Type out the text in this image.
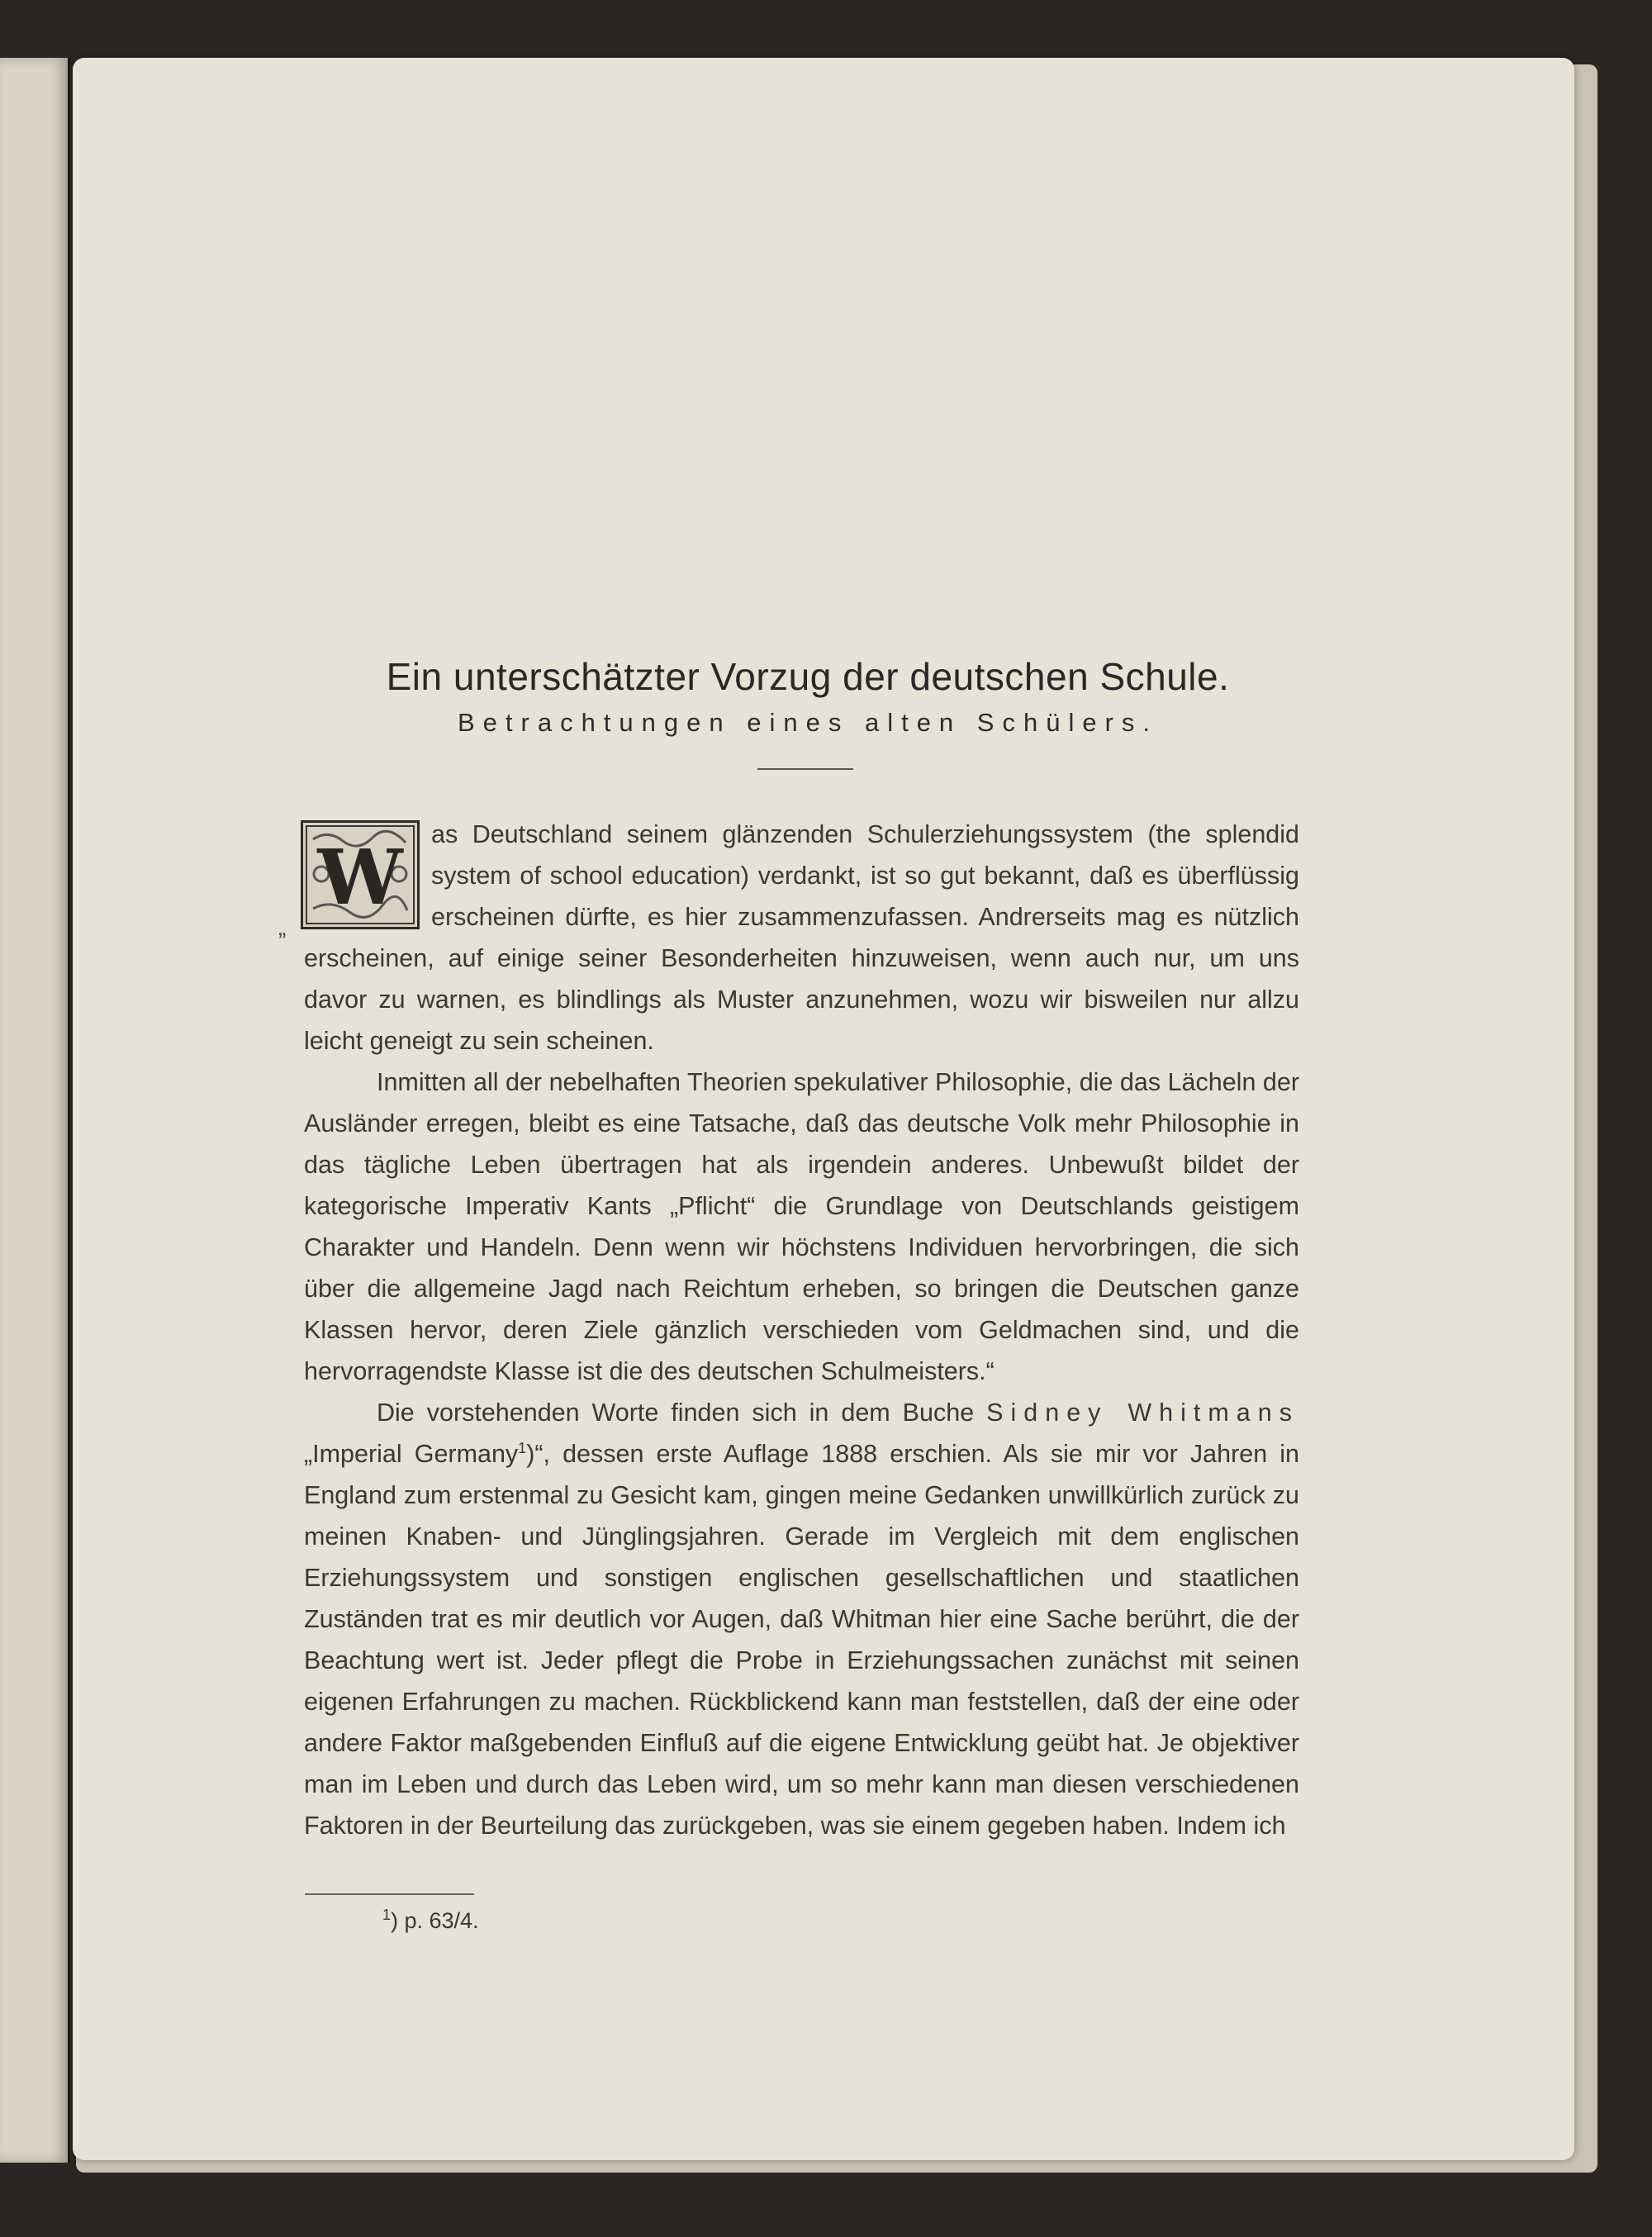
Ein unterschätzter Vorzug der deutschen Schule.
Betrachtungen eines alten Schülers.

W
„
as Deutschland seinem glänzenden Schulerziehungssystem (the splendid system of school education) verdankt, ist so gut bekannt, daß es überflüssig erscheinen dürfte, es hier zusammenzufassen. Andrerseits mag es nützlich erscheinen, auf einige seiner Besonderheiten hinzuweisen, wenn auch nur, um uns davor zu warnen, es blindlings als Muster anzunehmen, wozu wir bisweilen nur allzu leicht geneigt zu sein scheinen.

Inmitten all der nebelhaften Theorien spekulativer Philosophie, die das Lächeln der Ausländer erregen, bleibt es eine Tatsache, daß das deutsche Volk mehr Philosophie in das tägliche Leben übertragen hat als irgendein anderes. Unbewußt bildet der kategorische Imperativ Kants „Pflicht“ die Grundlage von Deutschlands geistigem Charakter und Handeln. Denn wenn wir höchstens Individuen hervorbringen, die sich über die allgemeine Jagd nach Reichtum erheben, so bringen die Deutschen ganze Klassen hervor, deren Ziele gänzlich verschieden vom Geldmachen sind, und die hervorragendste Klasse ist die des deutschen Schulmeisters.“

Die vorstehenden Worte finden sich in dem Buche Sidney Whitmans „Imperial Germany$^1$)“, dessen erste Auflage 1888 erschien. Als sie mir vor Jahren in England zum erstenmal zu Gesicht kam, gingen meine Gedanken unwillkürlich zurück zu meinen Knaben- und Jünglingsjahren. Gerade im Vergleich mit dem englischen Erziehungssystem und sonstigen englischen gesellschaftlichen und staatlichen Zuständen trat es mir deutlich vor Augen, daß Whitman hier eine Sache berührt, die der Beachtung wert ist. Jeder pflegt die Probe in Erziehungssachen zunächst mit seinen eigenen Erfahrungen zu machen. Rückblickend kann man feststellen, daß der eine oder andere Faktor maßgebenden Einfluß auf die eigene Entwicklung geübt hat. Je objektiver man im Leben und durch das Leben wird, um so mehr kann man diesen verschiedenen Faktoren in der Beurteilung das zurückgeben, was sie einem gegeben haben. Indem ich

$^1$) p. 63/4.
